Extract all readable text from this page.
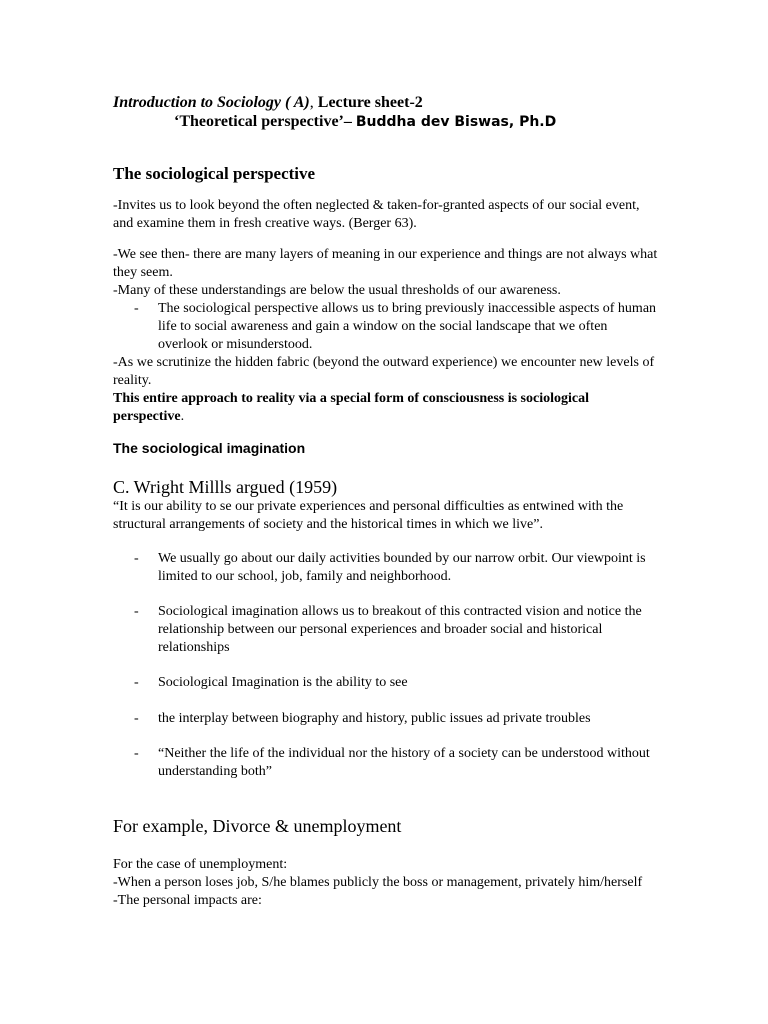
Introduction to Sociology ( A), Lecture sheet-2
‘Theoretical perspective’– Buddha dev Biswas, Ph.D
The sociological perspective

-Invites us to look beyond the often neglected & taken-for-granted aspects of our social event, and examine them in fresh creative ways. (Berger 63).

-We see then- there are many layers of meaning in our experience and things are not always what they seem.

-Many of these understandings are below the usual thresholds of our awareness.

- The sociological perspective allows us to bring previously inaccessible aspects of human life to social awareness and gain a window on the social landscape that we often overlook or misunderstood.

-As we scrutinize the hidden fabric (beyond the outward experience) we encounter new levels of reality.

This entire approach to reality via a special form of consciousness is sociological perspective.

The sociological imagination

C. Wright Millls argued (1959)

“It is our ability to se our private experiences and personal difficulties as entwined with the structural arrangements of society and the historical times in which we live”.

- We usually go about our daily activities bounded by our narrow orbit. Our viewpoint is limited to our school, job, family and neighborhood.
- Sociological imagination allows us to breakout of this contracted vision and notice the relationship between our personal experiences and broader social and historical relationships
- Sociological Imagination is the ability to see
- the interplay between biography and history, public issues ad private troubles
- “Neither the life of the individual nor the history of a society can be understood without understanding both”

For example, Divorce & unemployment

For the case of unemployment:

-When a person loses job, S/he blames publicly the boss or management, privately him/herself

-The personal impacts are:
